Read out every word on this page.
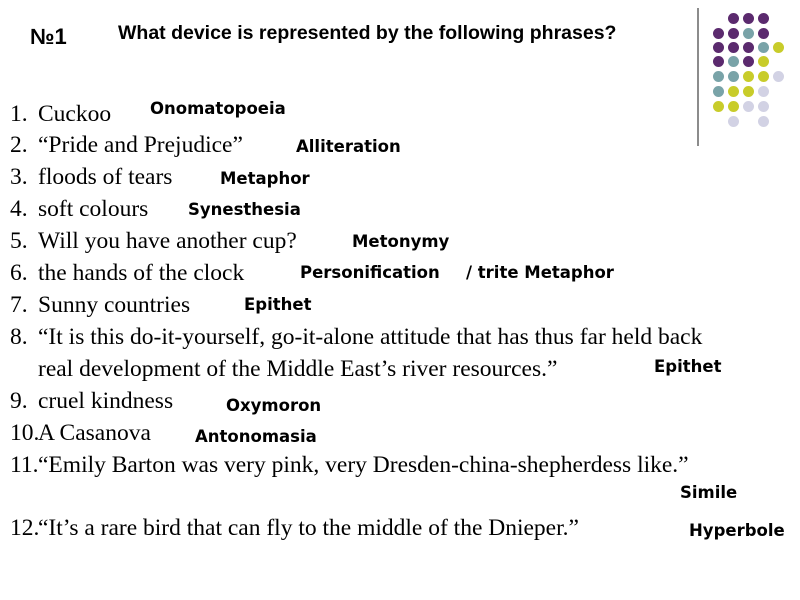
№1	What device is represented by the following phrases?
1. Cuckoo Onomatopoeia
2. “Pride and Prejudice”	Alliteration
3. floods of tears	Metaphor
4. soft colours Synesthesia
5. Will you have another cup?	Metonymy
6. the hands of the clock	Personification / trite Metaphor
7. Sunny countries	Epithet
8. “It is this do-it-yourself, go-it-alone attitude that has thus far held back
real development of the Middle East’s river resources.”	Epithet
9. cruel kindness	Oxymoron
10.A Casanova	Antonomasia
11.“Emily Barton was very pink, very Dresden-china-shepherdess like.”
Simile
12.“It’s a rare bird that can fly to the middle of the Dnieper.”	Hyperbole
